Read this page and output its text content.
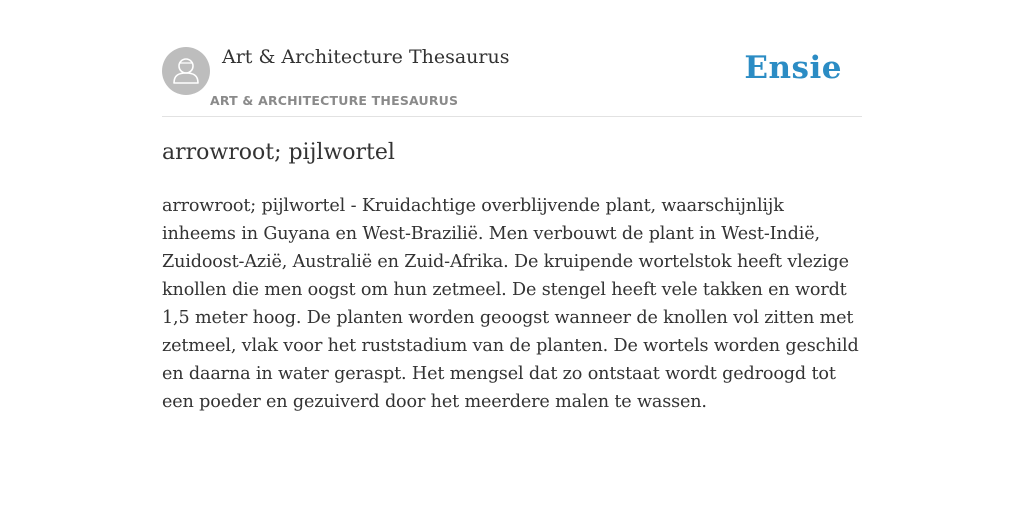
Art & Architecture Thesaurus
ART & ARCHITECTURE THESAURUS
Ensie
arrowroot; pijlwortel

arrowroot; pijlwortel - Kruidachtige overblijvende plant, waarschijnlijk inheems in Guyana en West-Brazilië. Men verbouwt de plant in West-Indië, Zuidoost-Azië, Australië en Zuid-Afrika. De kruipende wortelstok heeft vlezige knollen die men oogst om hun zetmeel. De stengel heeft vele takken en wordt 1,5 meter hoog. De planten worden geoogst wanneer de knollen vol zitten met zetmeel, vlak voor het ruststadium van de planten. De wortels worden geschild en daarna in water geraspt. Het mengsel dat zo ontstaat wordt gedroogd tot een poeder en gezuiverd door het meerdere malen te wassen.
